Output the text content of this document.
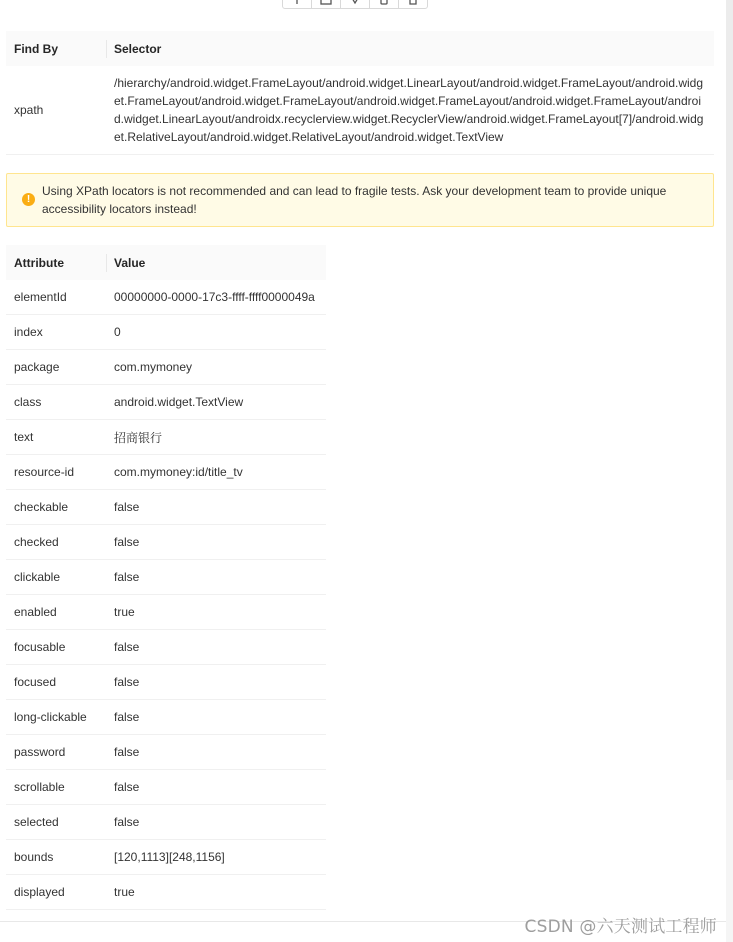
Find By	Selector
xpath	/hierarchy/android.widget.FrameLayout/android.widget.LinearLayout/android.widget.FrameLayout/android.widget.FrameLayout/android.widget.FrameLayout/android.widget.FrameLayout/android.widget.FrameLayout/android.widget.LinearLayout/androidx.recyclerview.widget.RecyclerView/android.widget.FrameLayout[7]/android.widget.RelativeLayout/android.widget.RelativeLayout/android.widget.TextView
!
Using XPath locators is not recommended and can lead to fragile tests. Ask your development team to provide unique accessibility locators instead!
Attribute	Value
elementId	00000000-0000-17c3-ffff-ffff0000049a
index	0
package	com.mymoney
class	android.widget.TextView
text	招商银行
resource-id	com.mymoney:id/title_tv
checkable	false
checked	false
clickable	false
enabled	true
focusable	false
focused	false
long-clickable	false
password	false
scrollable	false
selected	false
bounds	[120,1113][248,1156]
displayed	true
CSDN @六天测试工程师
